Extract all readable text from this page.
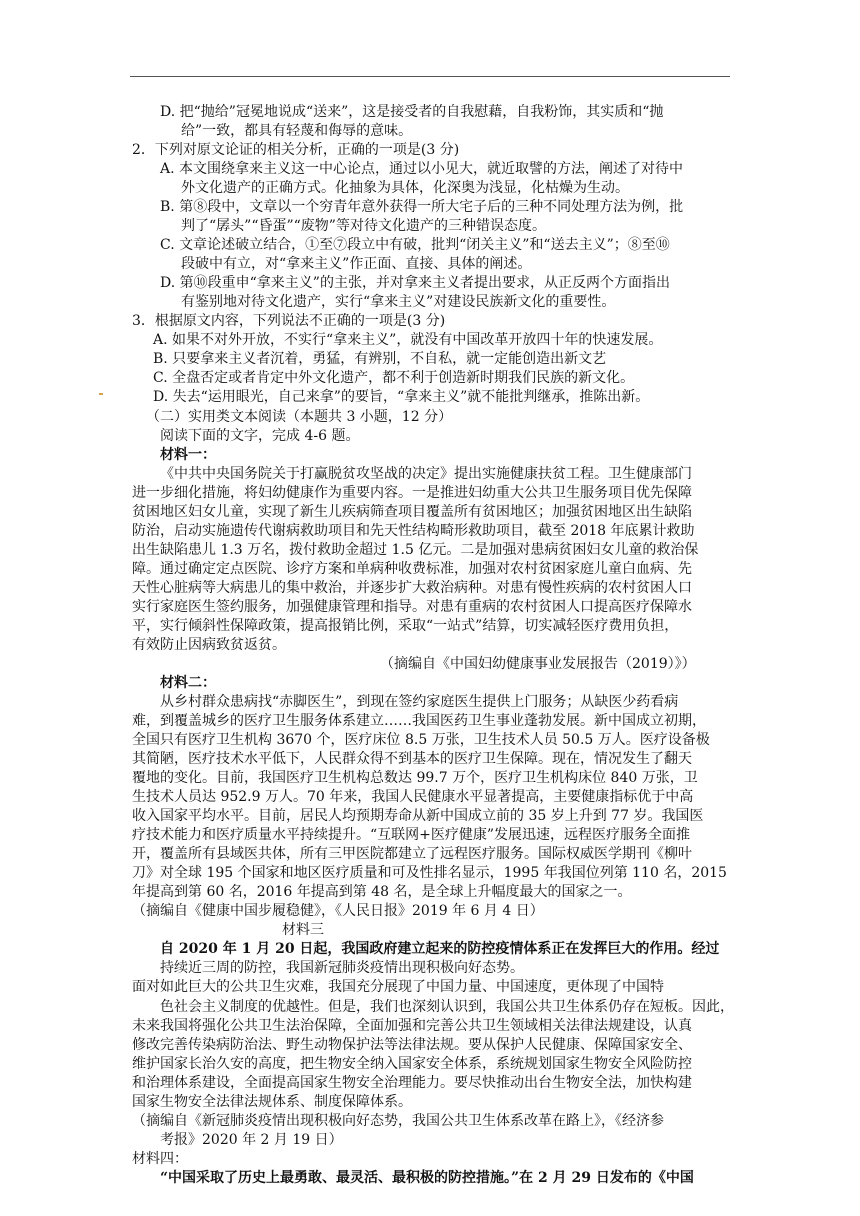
D. 把“抛给”冠冕地说成“送来”，这是接受者的自我慰藉，自我粉饰，其实质和“抛
给”一致，都具有轻蔑和侮辱的意味。
2．下列对原文论证的相关分析，正确的一项是(3 分)
A. 本文围绕拿来主义这一中心论点，通过以小见大，就近取譬的方法，阐述了对待中
外文化遗产的正确方式。化抽象为具体，化深奥为浅显，化枯燥为生动。
B. 第⑧段中，文章以一个穷青年意外获得一所大宅子后的三种不同处理方法为例，批
判了“孱头”“昏蛋”“废物”等对待文化遗产的三种错误态度。
C. 文章论述破立结合，①至⑦段立中有破，批判“闭关主义”和“送去主义”；⑧至⑩
段破中有立，对“拿来主义”作正面、直接、具体的阐述。
D. 第⑩段重申“拿来主义”的主张，并对拿来主义者提出要求，从正反两个方面指出
有鉴别地对待文化遗产，实行“拿来主义”对建设民族新文化的重要性。
3．根据原文内容，下列说法不正确的一项是(3 分)
A. 如果不对外开放，不实行“拿来主义”，就没有中国改革开放四十年的快速发展。
B. 只要拿来主义者沉着，勇猛，有辨别，不自私，就一定能创造出新文艺
C. 全盘否定或者肯定中外文化遗产，都不利于创造新时期我们民族的新文化。
D. 失去“运用眼光，自己来拿”的要旨，“拿来主义”就不能批判继承，推陈出新。
（二）实用类文本阅读（本题共 3 小题，12 分）
阅读下面的文字，完成 4-6 题。
材料一：
《中共中央国务院关于打赢脱贫攻坚战的决定》提出实施健康扶贫工程。卫生健康部门
进一步细化措施，将妇幼健康作为重要内容。一是推进妇幼重大公共卫生服务项目优先保障
贫困地区妇女儿童，实现了新生儿疾病筛查项目覆盖所有贫困地区；加强贫困地区出生缺陷
防治，启动实施遗传代谢病救助项目和先天性结构畸形救助项目，截至 2018 年底累计救助
出生缺陷患儿 1.3 万名，拨付救助金超过 1.5 亿元。二是加强对患病贫困妇女儿童的救治保
障。通过确定定点医院、诊疗方案和单病种收费标准，加强对农村贫困家庭儿童白血病、先
天性心脏病等大病患儿的集中救治，并逐步扩大救治病种。对患有慢性疾病的农村贫困人口
实行家庭医生签约服务，加强健康管理和指导。对患有重病的农村贫困人口提高医疗保障水
平，实行倾斜性保障政策，提高报销比例，采取“一站式”结算，切实减轻医疗费用负担，
有效防止因病致贫返贫。
（摘编自《中国妇幼健康事业发展报告（2019）》）
材料二：
从乡村群众患病找“赤脚医生”，到现在签约家庭医生提供上门服务；从缺医少药看病
难，到覆盖城乡的医疗卫生服务体系建立……我国医药卫生事业蓬勃发展。新中国成立初期，
全国只有医疗卫生机构 3670 个，医疗床位 8.5 万张，卫生技术人员 50.5 万人。医疗设备极
其简陋，医疗技术水平低下，人民群众得不到基本的医疗卫生保障。现在，情况发生了翻天
覆地的变化。目前，我国医疗卫生机构总数达 99.7 万个，医疗卫生机构床位 840 万张，卫
生技术人员达 952.9 万人。70 年来，我国人民健康水平显著提高，主要健康指标优于中高
收入国家平均水平。目前，居民人均预期寿命从新中国成立前的 35 岁上升到 77 岁。我国医
疗技术能力和医疗质量水平持续提升。“互联网+医疗健康”发展迅速，远程医疗服务全面推
开，覆盖所有县域医共体，所有三甲医院都建立了远程医疗服务。国际权威医学期刊《柳叶
刀》对全球 195 个国家和地区医疗质量和可及性排名显示，1995 年我国位列第 110 名，2015
年提高到第 60 名，2016 年提高到第 48 名，是全球上升幅度最大的国家之一。
（摘编自《健康中国步履稳健》，《人民日报》2019 年 6 月 4 日）
材料三
自 2020 年 1 月 20 日起，我国政府建立起来的防控疫情体系正在发挥巨大的作用。经过
持续近三周的防控，我国新冠肺炎疫情出现积极向好态势。
面对如此巨大的公共卫生灾难，我国充分展现了中国力量、中国速度，更体现了中国特
色社会主义制度的优越性。但是，我们也深刻认识到，我国公共卫生体系仍存在短板。因此，
未来我国将强化公共卫生法治保障，全面加强和完善公共卫生领域相关法律法规建设，认真
修改完善传染病防治法、野生动物保护法等法律法规。要从保护人民健康、保障国家安全、
维护国家长治久安的高度，把生物安全纳入国家安全体系，系统规划国家生物安全风险防控
和治理体系建设，全面提高国家生物安全治理能力。要尽快推动出台生物安全法，加快构建
国家生物安全法律法规体系、制度保障体系。
（摘编自《新冠肺炎疫情出现积极向好态势，我国公共卫生体系改革在路上》，《经济参
考报》2020 年 2 月 19 日）
材料四：
“中国采取了历史上最勇敢、最灵活、最积极的防控措施。”在 2 月 29 日发布的《中国
